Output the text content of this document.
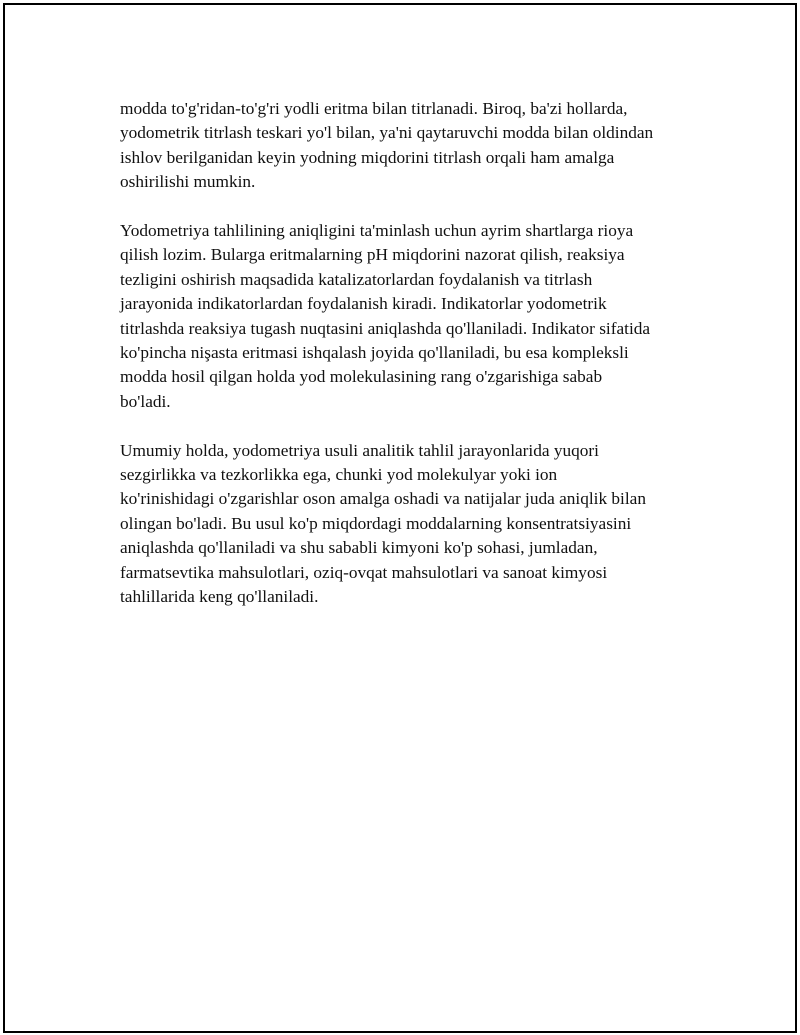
modda to'g'ridan-to'g'ri yodli eritma bilan titrlanadi. Biroq, ba'zi hollarda,
yodometrik titrlash teskari yo'l bilan, ya'ni qaytaruvchi modda bilan oldindan
ishlov berilganidan keyin yodning miqdorini titrlash orqali ham amalga
oshirilishi mumkin.

Yodometriya tahlilining aniqligini ta'minlash uchun ayrim shartlarga rioya
qilish lozim. Bularga eritmalarning pH miqdorini nazorat qilish, reaksiya
tezligini oshirish maqsadida katalizatorlardan foydalanish va titrlash
jarayonida indikatorlardan foydalanish kiradi. Indikatorlar yodometrik
titrlashda reaksiya tugash nuqtasini aniqlashda qo'llaniladi. Indikator sifatida
ko'pincha nişasta eritmasi ishqalash joyida qo'llaniladi, bu esa kompleksli
modda hosil qilgan holda yod molekulasining rang o'zgarishiga sabab
bo'ladi.

Umumiy holda, yodometriya usuli analitik tahlil jarayonlarida yuqori
sezgirlikka va tezkorlikka ega, chunki yod molekulyar yoki ion
ko'rinishidagi o'zgarishlar oson amalga oshadi va natijalar juda aniqlik bilan
olingan bo'ladi. Bu usul ko'p miqdordagi moddalarning konsentratsiyasini
aniqlashda qo'llaniladi va shu sababli kimyoni ko'p sohasi, jumladan,
farmatsevtika mahsulotlari, oziq-ovqat mahsulotlari va sanoat kimyosi
tahlillarida keng qo'llaniladi.
